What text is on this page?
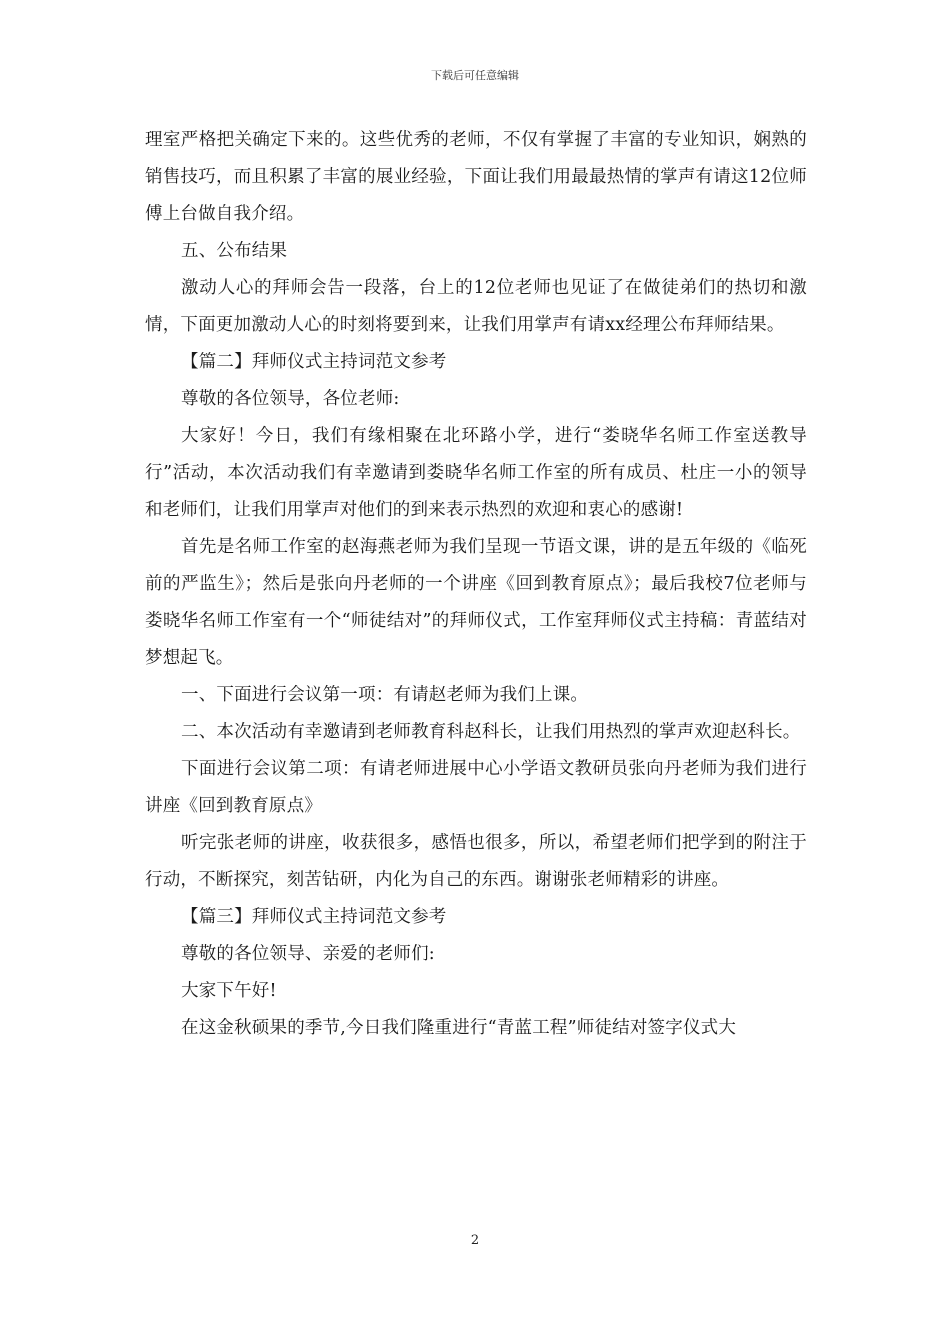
下载后可任意编辑

理室严格把关确定下来的。这些优秀的老师，不仅有掌握了丰富的专业知识，娴熟的销售技巧，而且积累了丰富的展业经验，下面让我们用最最热情的掌声有请这12位师傅上台做自我介绍。

五、公布结果

激动人心的拜师会告一段落，台上的12位老师也见证了在做徒弟们的热切和激情，下面更加激动人心的时刻将要到来，让我们用掌声有请xx经理公布拜师结果。

【篇二】拜师仪式主持词范文参考

尊敬的各位领导，各位老师:

大家好！今日，我们有缘相聚在北环路小学，进行“娄晓华名师工作室送教导行”活动，本次活动我们有幸邀请到娄晓华名师工作室的所有成员、杜庄一小的领导和老师们，让我们用掌声对他们的到来表示热烈的欢迎和衷心的感谢!

首先是名师工作室的赵海燕老师为我们呈现一节语文课，讲的是五年级的《临死前的严监生》；然后是张向丹老师的一个讲座《回到教育原点》；最后我校7位老师与娄晓华名师工作室有一个“师徒结对”的拜师仪式，工作室拜师仪式主持稿：青蓝结对梦想起飞。

一、下面进行会议第一项：有请赵老师为我们上课。

二、本次活动有幸邀请到老师教育科赵科长，让我们用热烈的掌声欢迎赵科长。

下面进行会议第二项：有请老师进展中心小学语文教研员张向丹老师为我们进行讲座《回到教育原点》

听完张老师的讲座，收获很多，感悟也很多，所以，希望老师们把学到的附注于行动，不断探究，刻苦钻研，内化为自己的东西。谢谢张老师精彩的讲座。

【篇三】拜师仪式主持词范文参考

尊敬的各位领导、亲爱的老师们:

大家下午好!

在这金秋硕果的季节,今日我们隆重进行“青蓝工程”师徒结对签字仪式大

2
